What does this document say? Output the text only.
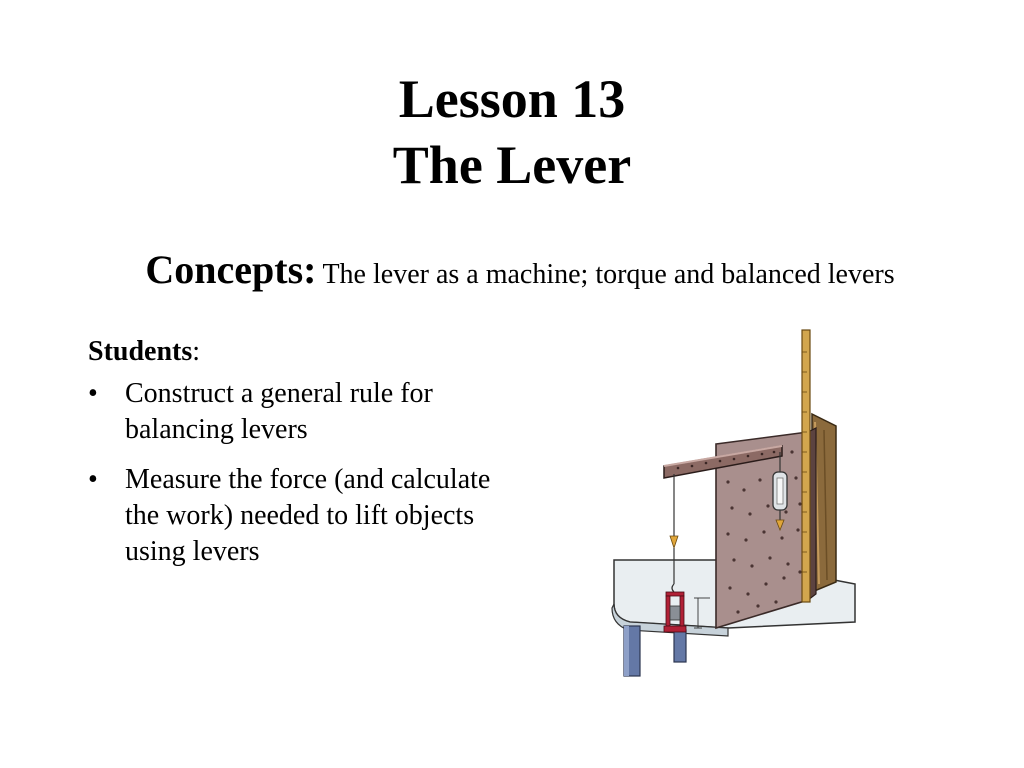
Lesson 13
The Lever
Concepts: The lever as a machine; torque and balanced levers
Students:
• Construct a general rule for balancing levers
• Measure the force (and calculate the work) needed to lift objects using levers
